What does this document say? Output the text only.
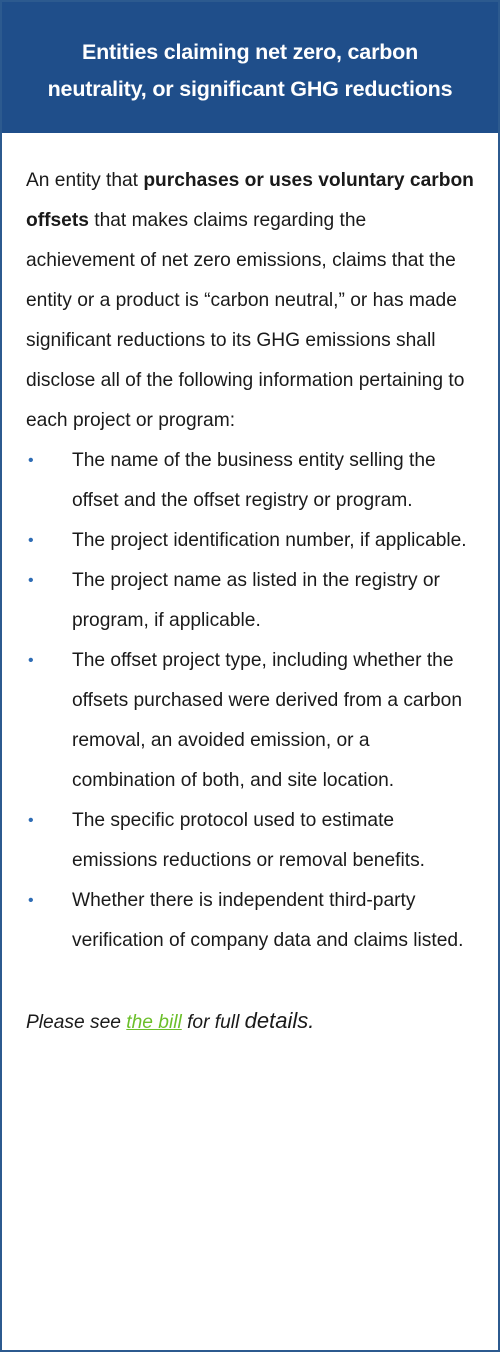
Entities claiming net zero, carbon
neutrality, or significant GHG reductions
An entity that purchases or uses voluntary carbon offsets that makes claims regarding the achievement of net zero emissions, claims that the entity or a product is “carbon neutral,” or has made significant reductions to its GHG emissions shall disclose all of the following information pertaining to each project or program:
• The name of the business entity selling the offset and the offset registry or program.
• The project identification number, if applicable.
• The project name as listed in the registry or program, if applicable.
• The offset project type, including whether the offsets purchased were derived from a carbon removal, an avoided emission, or a combination of both, and site location.
• The specific protocol used to estimate emissions reductions or removal benefits.
• Whether there is independent third-party verification of company data and claims listed.
Please see the bill for full details.
